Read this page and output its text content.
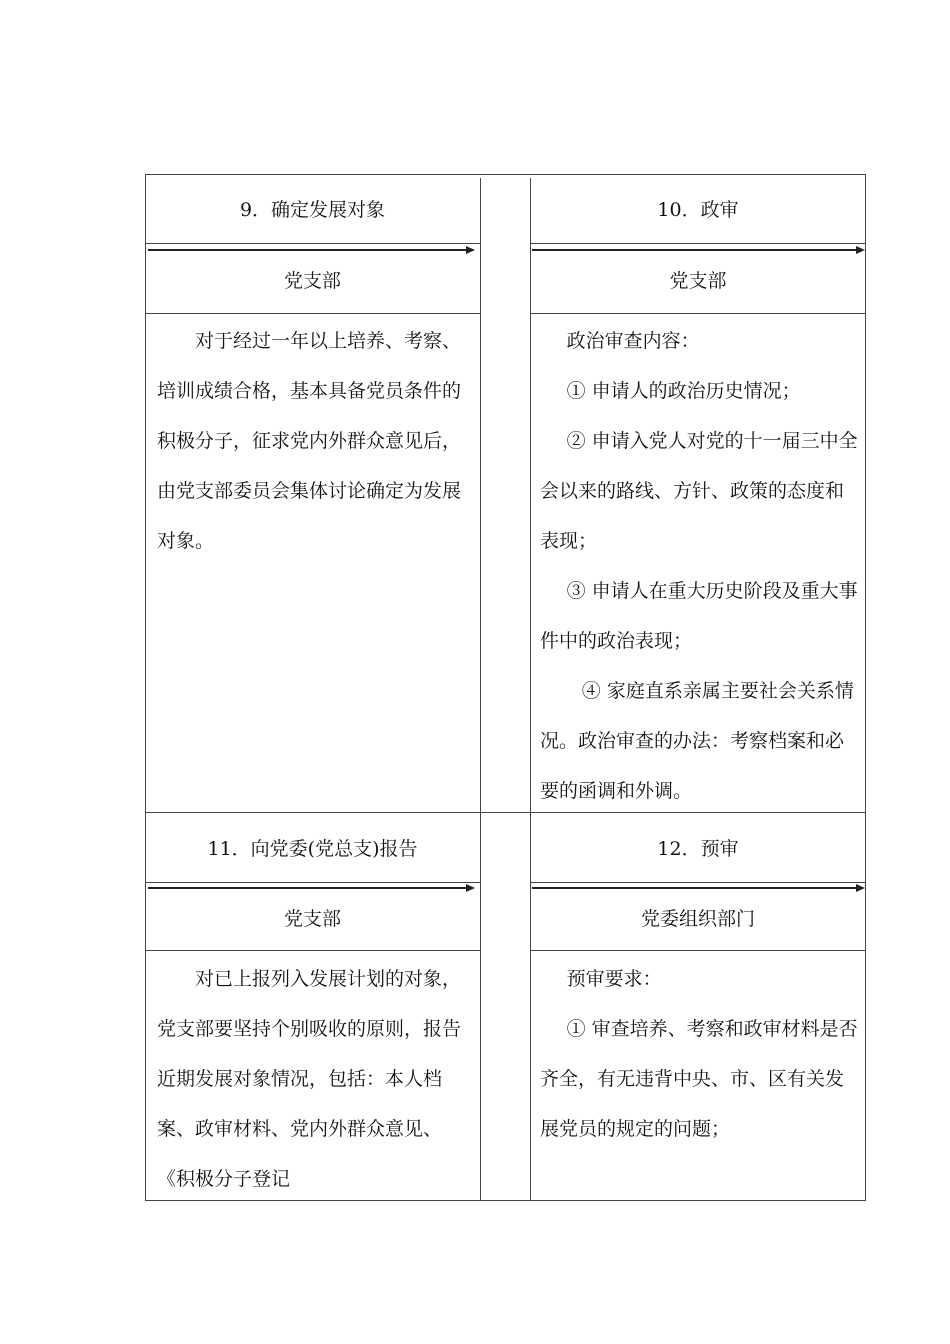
9．确定发展对象	10．政审
党支部	党支部

对于经过一年以上培养、考察、培训成绩合格，基本具备党员条件的积极分子，征求党内外群众意见后，由党支部委员会集体讨论确定为发展对象。

政治审查内容：

① 申请人的政治历史情况；

② 申请入党人对党的十一届三中全会以来的路线、方针、政策的态度和表现；

③ 申请人在重大历史阶段及重大事件中的政治表现；

④ 家庭直系亲属主要社会关系情况。政治审查的办法：考察档案和必要的函调和外调。

11．向党委(党总支)报告	12．预审
党支部	党委组织部门

对已上报列入发展计划的对象，党支部要坚持个别吸收的原则，报告近期发展对象情况，包括：本人档案、政审材料、党内外群众意见、《积极分子登记

预审要求：

① 审查培养、考察和政审材料是否齐全，有无违背中央、市、区有关发展党员的规定的问题；
